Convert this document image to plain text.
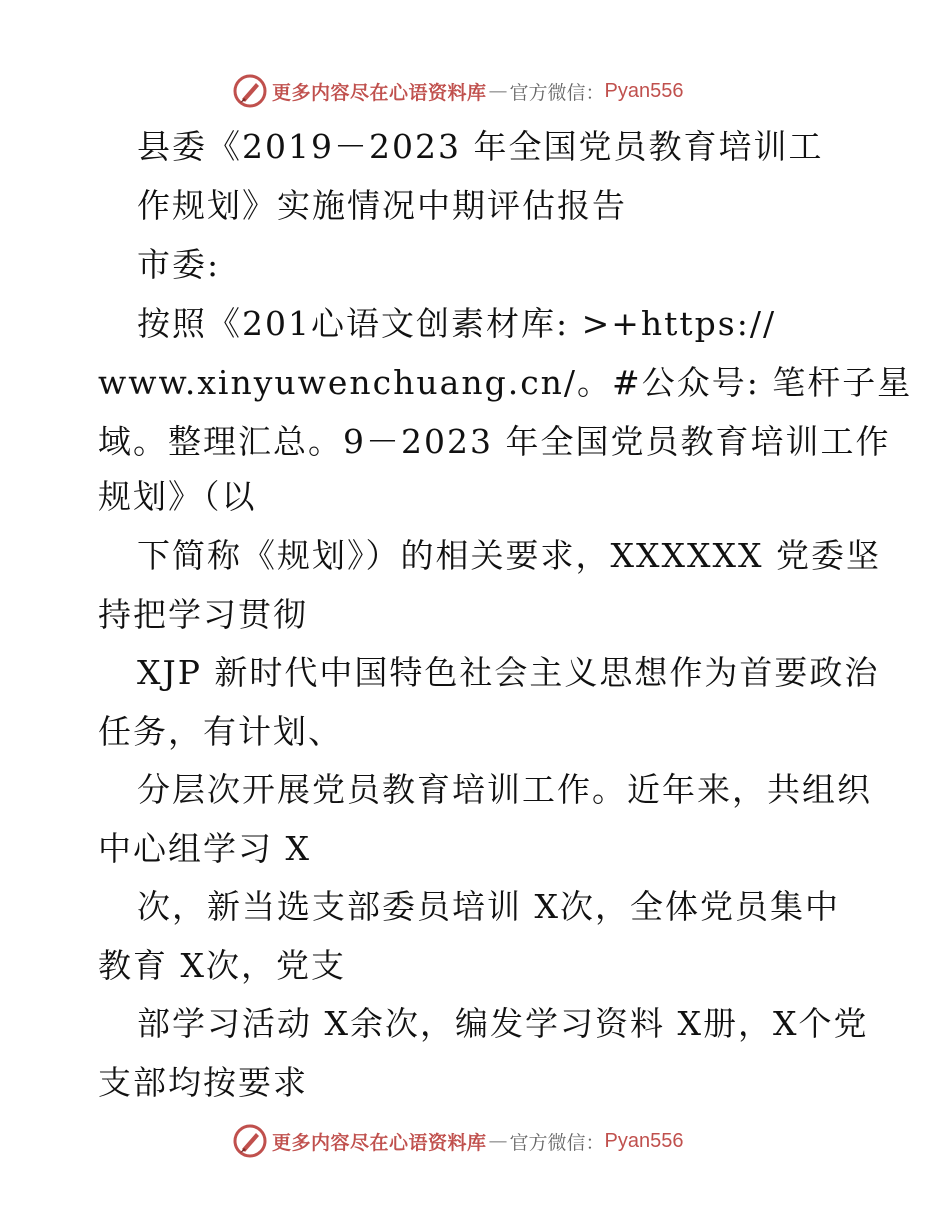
更多内容尽在心语资料库 — 官方微信： Pyan556
县委《2019－2023 年全国党员教育培训工
作规划》实施情况中期评估报告
市委:
按照《201心语文创素材库: >+https://
www.xinyuwenchuang.cn/。#公众号: 笔杆子星
域。整理汇总。9－2023 年全国党员教育培训工作
规划》（以
下简称《规划》）的相关要求，XXXXXX 党委坚
持把学习贯彻
XJP 新时代中国特色社会主义思想作为首要政治
任务，有计划、
分层次开展党员教育培训工作。近年来，共组织
中心组学习 X
次，新当选支部委员培训 X次，全体党员集中
教育 X次，党支
部学习活动 X余次，编发学习资料 X册，X个党
支部均按要求
更多内容尽在心语资料库 — 官方微信： Pyan556
